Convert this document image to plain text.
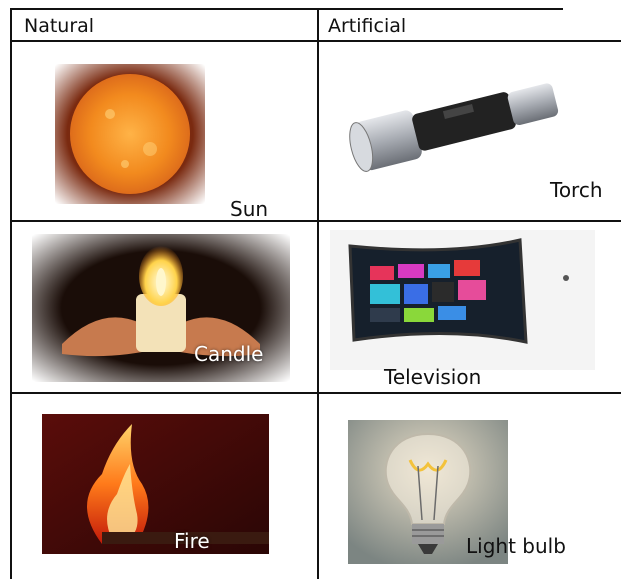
Natural	Artificial
Sun
Torch
Candle
Television
Fire	Light bulb
